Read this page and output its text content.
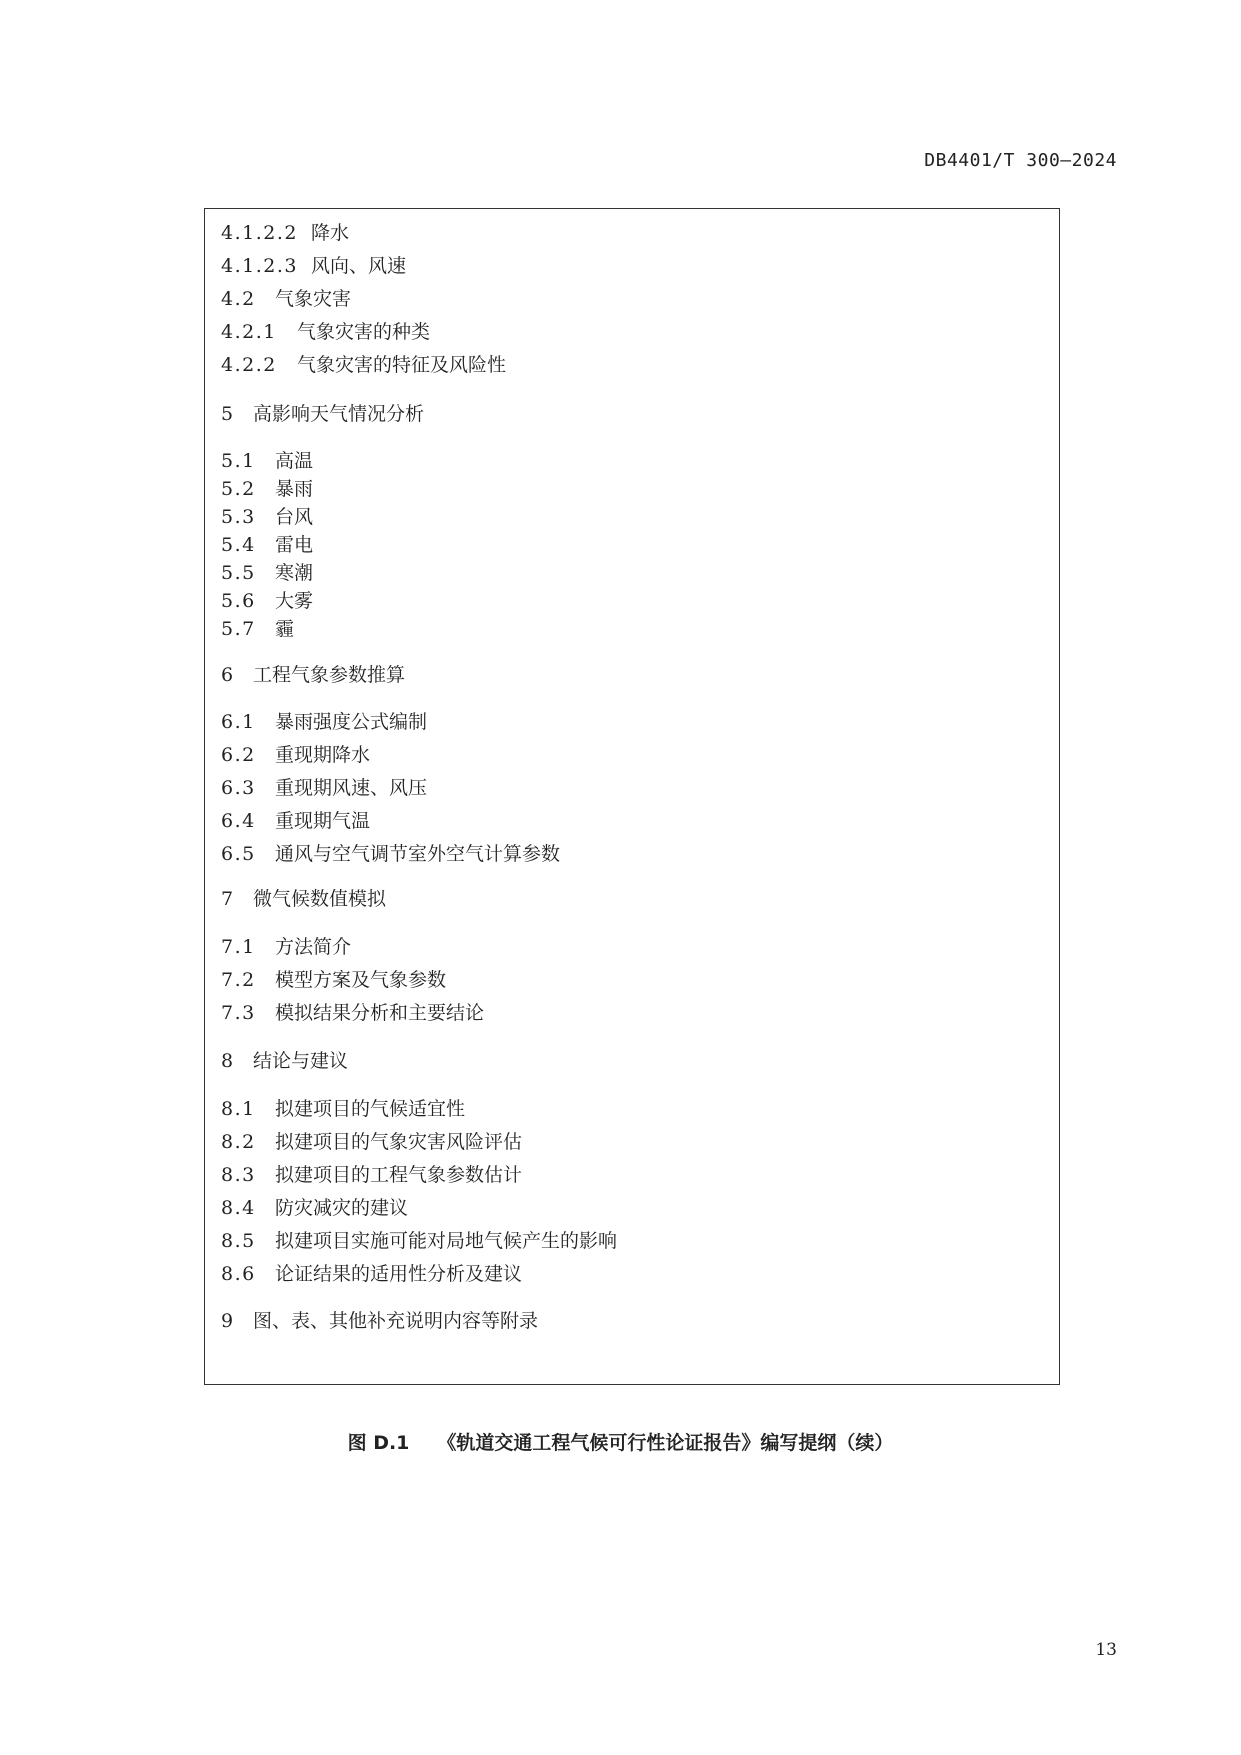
DB4401/T 300—2024
4.1.2.2 降水
4.1.2.3 风向、风速
4.2 气象灾害
4.2.1 气象灾害的种类
4.2.2 气象灾害的特征及风险性
5 高影响天气情况分析
5.1 高温
5.2 暴雨
5.3 台风
5.4 雷电
5.5 寒潮
5.6 大雾
5.7 霾
6 工程气象参数推算
6.1 暴雨强度公式编制
6.2 重现期降水
6.3 重现期风速、风压
6.4 重现期气温
6.5 通风与空气调节室外空气计算参数
7 微气候数值模拟
7.1 方法简介
7.2 模型方案及气象参数
7.3 模拟结果分析和主要结论
8 结论与建议
8.1 拟建项目的气候适宜性
8.2 拟建项目的气象灾害风险评估
8.3 拟建项目的工程气象参数估计
8.4 防灾减灾的建议
8.5 拟建项目实施可能对局地气候产生的影响
8.6 论证结果的适用性分析及建议
9 图、表、其他补充说明内容等附录
图 D.1 《轨道交通工程气候可行性论证报告》编写提纲（续）
13
